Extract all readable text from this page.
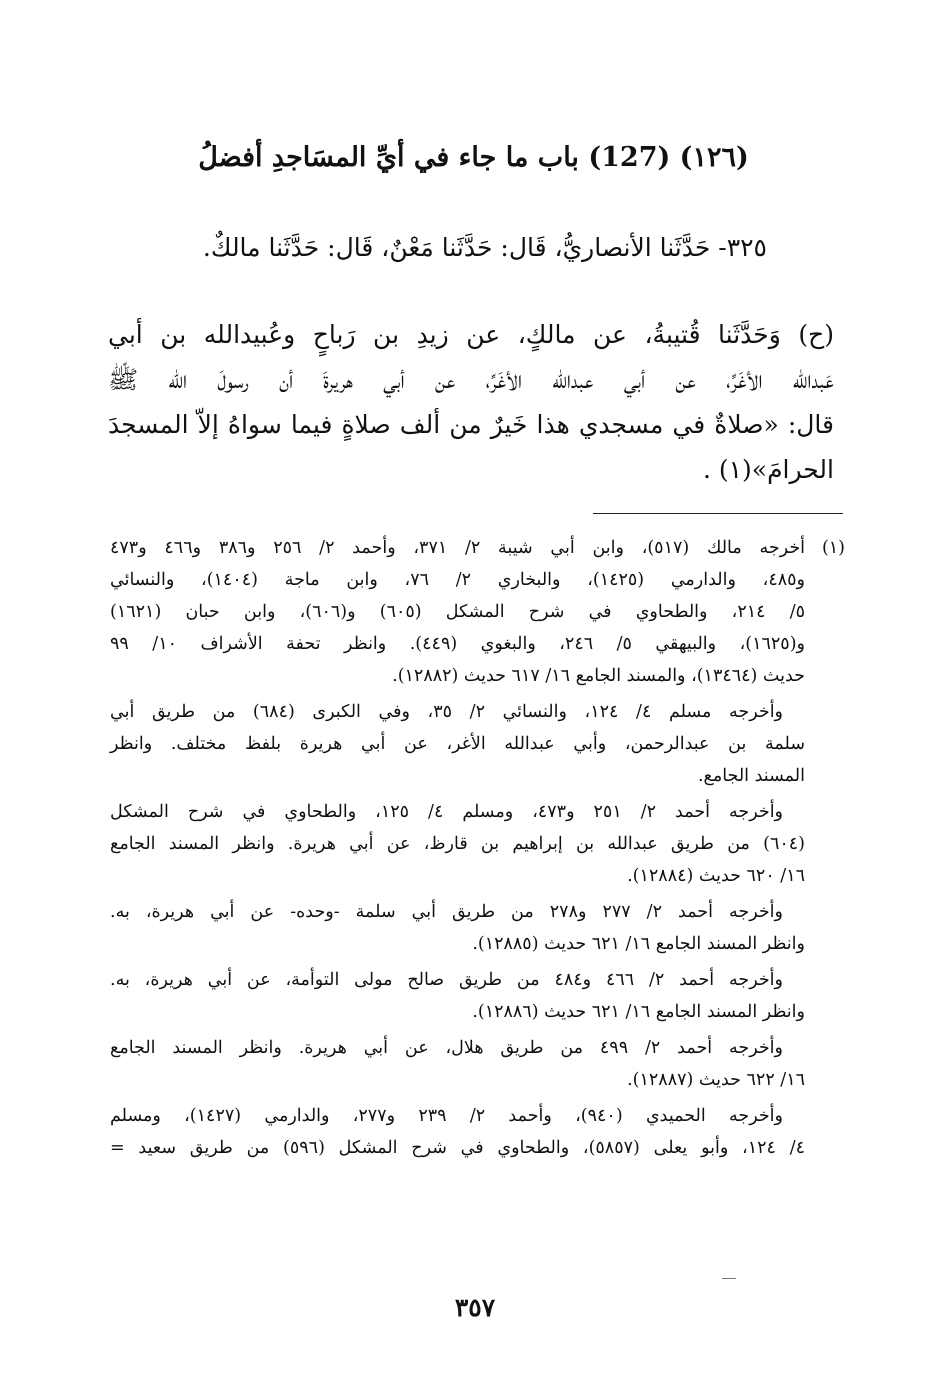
(١٢٦) (127) باب ما جاء في أيِّ المسَاجدِ أفضلُ
٣٢٥- حَدَّثَنا الأنصاريُّ، قَال: حَدَّثَنا مَعْنٌ، قَال: حَدَّثَنا مالكٌ.
(ح) وَحَدَّثَنا قُتيبةُ، عن مالكٍ، عن زيدِ بن رَباحٍ وعُبيدالله بن أبي
عَبدالله الأغَرِّ، عن أبي عبدالله الأغَرِّ، عن أبي هريرةَ أن رسولَ الله ﷺ
قال: «صلاةٌ في مسجدي هذا خَيرٌ من ألف صلاةٍ فيما سواهُ إلاّ المسجدَ
الحرامَ»(١) .
(١)
أخرجه مالك (٥١٧)، وابن أبي شيبة ٢/ ٣٧١، وأحمد ٢/ ٢٥٦ و٣٨٦ و٤٦٦ و٤٧٣
و٤٨٥، والدارمي (١٤٢٥)، والبخاري ٢/ ٧٦، وابن ماجة (١٤٠٤)، والنسائي
٥/ ٢١٤، والطحاوي في شرح المشكل (٦٠٥) و(٦٠٦)، وابن حبان (١٦٢١)
و(١٦٢٥)، والبيهقي ٥/ ٢٤٦، والبغوي (٤٤٩). وانظر تحفة الأشراف ١٠/ ٩٩
حديث (١٣٤٦٤)، والمسند الجامع ١٦/ ٦١٧ حديث (١٢٨٨٢).
وأخرجه مسلم ٤/ ١٢٤، والنسائي ٢/ ٣٥، وفي الكبرى (٦٨٤) من طريق أبي
سلمة بن عبدالرحمن، وأبي عبدالله الأغر، عن أبي هريرة بلفظ مختلف. وانظر
المسند الجامع.
وأخرجه أحمد ٢/ ٢٥١ و٤٧٣، ومسلم ٤/ ١٢٥، والطحاوي في شرح المشكل
(٦٠٤) من طريق عبدالله بن إبراهيم بن قارظ، عن أبي هريرة. وانظر المسند الجامع
١٦/ ٦٢٠ حديث (١٢٨٨٤).
وأخرجه أحمد ٢/ ٢٧٧ و٢٧٨ من طريق أبي سلمة -وحده- عن أبي هريرة، به.
وانظر المسند الجامع ١٦/ ٦٢١ حديث (١٢٨٨٥).
وأخرجه أحمد ٢/ ٤٦٦ و٤٨٤ من طريق صالح مولى التوأمة، عن أبي هريرة، به.
وانظر المسند الجامع ١٦/ ٦٢١ حديث (١٢٨٨٦).
وأخرجه أحمد ٢/ ٤٩٩ من طريق هلال، عن أبي هريرة. وانظر المسند الجامع
١٦/ ٦٢٢ حديث (١٢٨٨٧).
وأخرجه الحميدي (٩٤٠)، وأحمد ٢/ ٢٣٩ و٢٧٧، والدارمي (١٤٢٧)، ومسلم
٤/ ١٢٤، وأبو يعلى (٥٨٥٧)، والطحاوي في شرح المشكل (٥٩٦) من طريق سعيد =
٣٥٧
